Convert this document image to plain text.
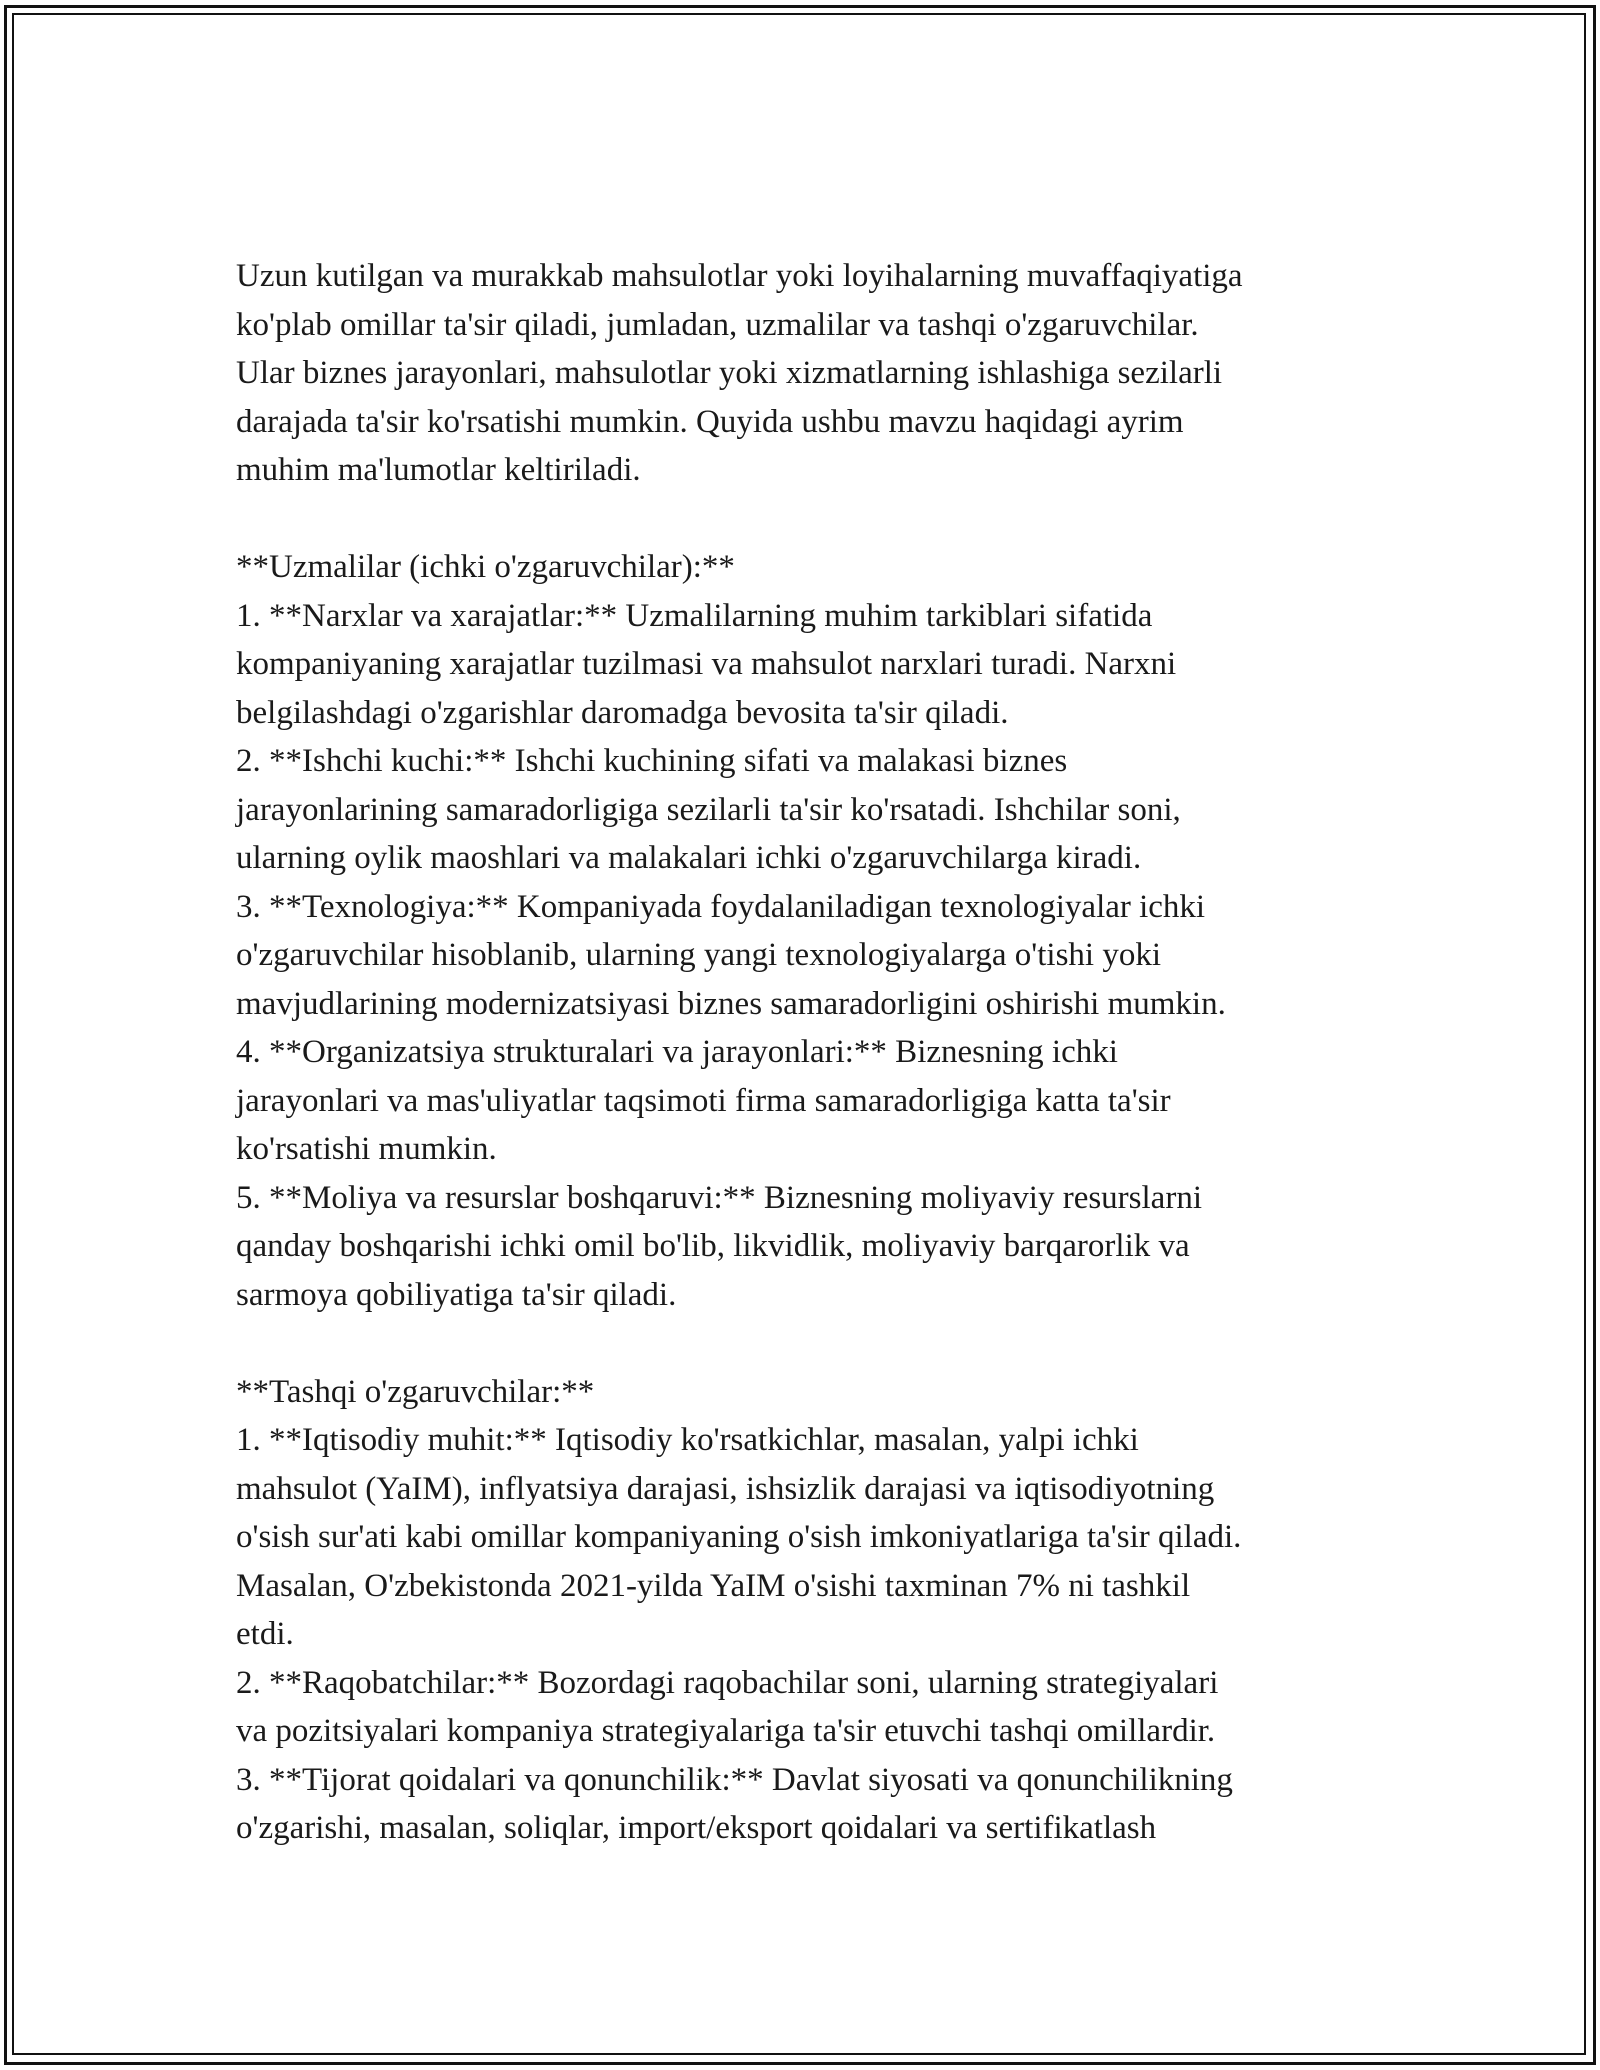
Uzun kutilgan va murakkab mahsulotlar yoki loyihalarning muvaffaqiyatiga
ko'plab omillar ta'sir qiladi, jumladan, uzmalilar va tashqi o'zgaruvchilar.
Ular biznes jarayonlari, mahsulotlar yoki xizmatlarning ishlashiga sezilarli
darajada ta'sir ko'rsatishi mumkin. Quyida ushbu mavzu haqidagi ayrim
muhim ma'lumotlar keltiriladi.
**Uzmalilar (ichki o'zgaruvchilar):**
1. **Narxlar va xarajatlar:** Uzmalilarning muhim tarkiblari sifatida
kompaniyaning xarajatlar tuzilmasi va mahsulot narxlari turadi. Narxni
belgilashdagi o'zgarishlar daromadga bevosita ta'sir qiladi.
2. **Ishchi kuchi:** Ishchi kuchining sifati va malakasi biznes
jarayonlarining samaradorligiga sezilarli ta'sir ko'rsatadi. Ishchilar soni,
ularning oylik maoshlari va malakalari ichki o'zgaruvchilarga kiradi.
3. **Texnologiya:** Kompaniyada foydalaniladigan texnologiyalar ichki
o'zgaruvchilar hisoblanib, ularning yangi texnologiyalarga o'tishi yoki
mavjudlarining modernizatsiyasi biznes samaradorligini oshirishi mumkin.
4. **Organizatsiya strukturalari va jarayonlari:** Biznesning ichki
jarayonlari va mas'uliyatlar taqsimoti firma samaradorligiga katta ta'sir
ko'rsatishi mumkin.
5. **Moliya va resurslar boshqaruvi:** Biznesning moliyaviy resurslarni
qanday boshqarishi ichki omil bo'lib, likvidlik, moliyaviy barqarorlik va
sarmoya qobiliyatiga ta'sir qiladi.
**Tashqi o'zgaruvchilar:**
1. **Iqtisodiy muhit:** Iqtisodiy ko'rsatkichlar, masalan, yalpi ichki
mahsulot (YaIM), inflyatsiya darajasi, ishsizlik darajasi va iqtisodiyotning
o'sish sur'ati kabi omillar kompaniyaning o'sish imkoniyatlariga ta'sir qiladi.
Masalan, O'zbekistonda 2021-yilda YaIM o'sishi taxminan 7% ni tashkil
etdi.
2. **Raqobatchilar:** Bozordagi raqobachilar soni, ularning strategiyalari
va pozitsiyalari kompaniya strategiyalariga ta'sir etuvchi tashqi omillardir.
3. **Tijorat qoidalari va qonunchilik:** Davlat siyosati va qonunchilikning
o'zgarishi, masalan, soliqlar, import/eksport qoidalari va sertifikatlash
